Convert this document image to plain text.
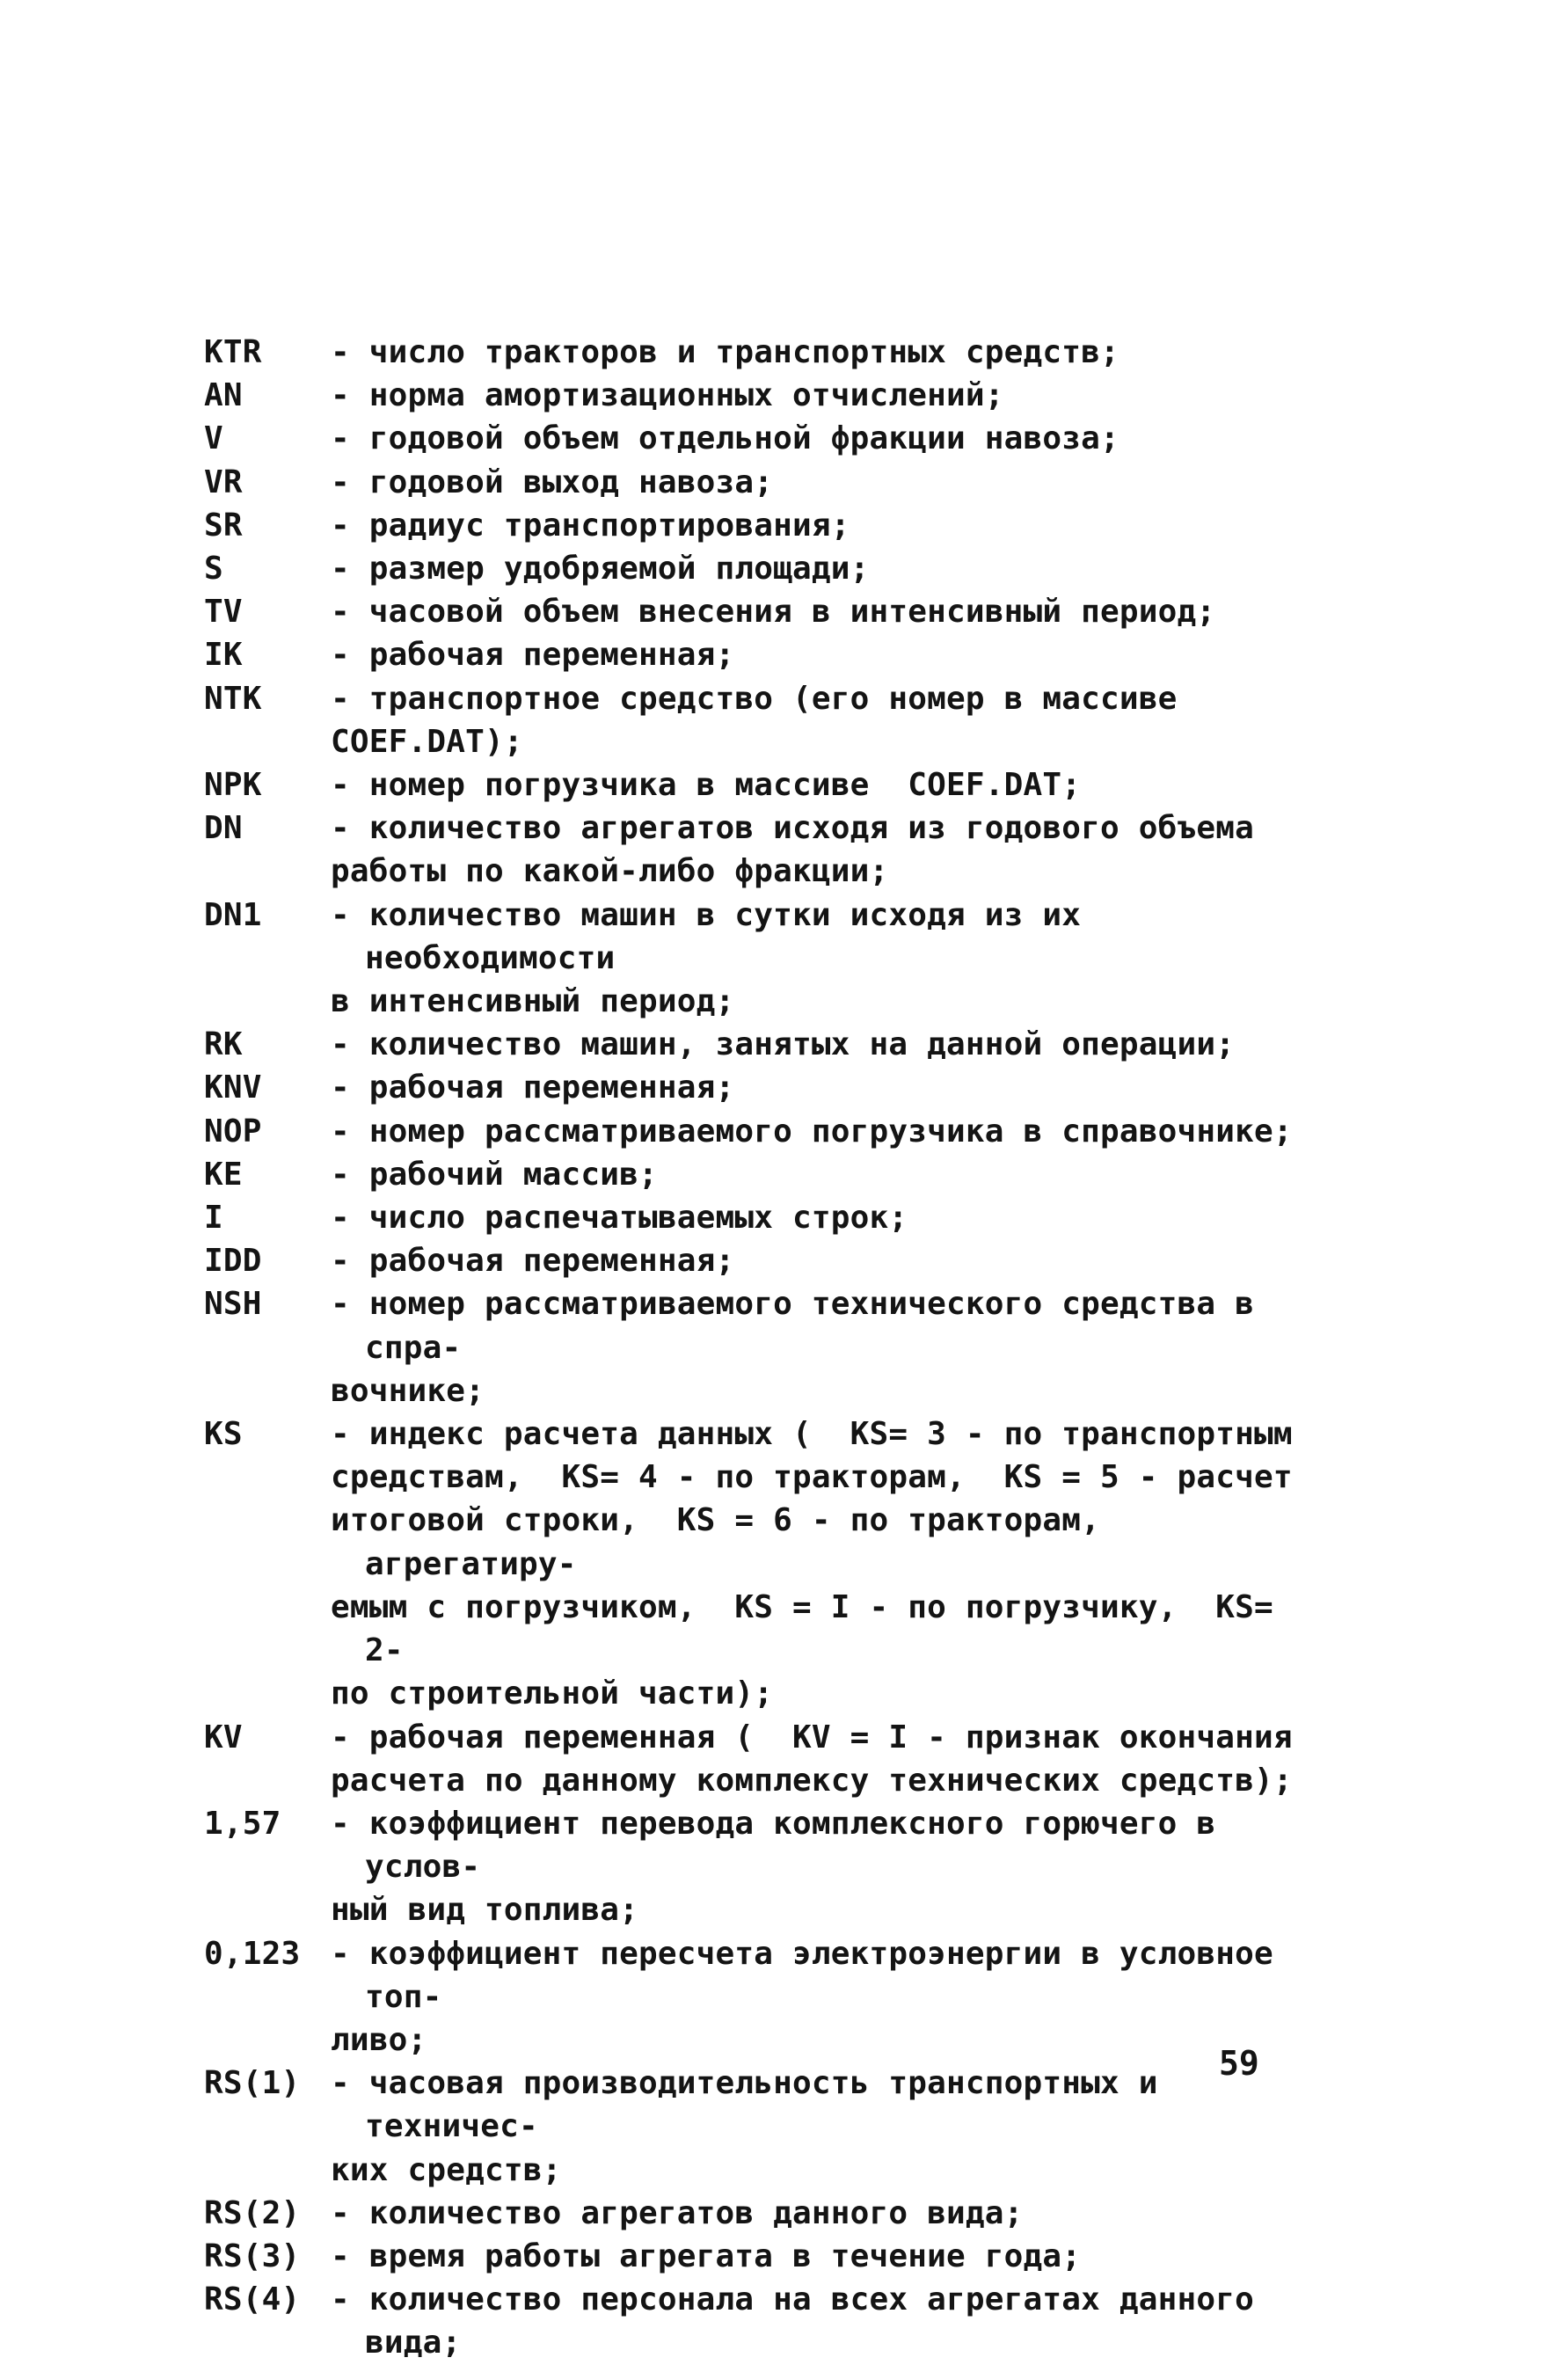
KTR - число тракторов и транспортных средств;
AN	- норма амортизационных отчислений;
V	- годовой объем отдельной фракции навоза;
VR	- годовой выход навоза;
SR	- радиус транспортирования;
S	- размер удобряемой площади;
TV	- часовой объем внесения в интенсивный период;
IK	- рабочая переменная;
NTK - транспортное средство (его номер в массиве
COEF.DAT);
NPK - номер погрузчика в массиве  COEF.DAT;
DN	- количество агрегатов исходя из годового объема
работы по какой-либо фракции;
DN1 - количество машин в сутки исходя из их необходимости
в интенсивный период;
RK	- количество машин, занятых на данной операции;
KNV - рабочая переменная;
NOP - номер рассматриваемого погрузчика в справочнике;
KE	- рабочий массив;
I	- число распечатываемых строк;
IDD - рабочая переменная;
NSH - номер рассматриваемого технического средства в спра-
вочнике;
KS	- индекс расчета данных (  KS= 3 - по транспортным
средствам,  KS= 4 - по тракторам,  KS = 5 - расчет
итоговой строки,  KS = 6 - по тракторам, агрегатиру-
емым с погрузчиком,  KS = I - по погрузчику,  KS= 2-
по строительной части);
KV	- рабочая переменная (  KV = I - признак окончания
расчета по данному комплексу технических средств);
1,57 - коэффициент перевода комплексного горючего в услов-
ный вид топлива;
0,123 - коэффициент пересчета электроэнергии в условное топ-
ливо;
RS(1) - часовая производительность транспортных и техничес-
ких средств;
RS(2) - количество агрегатов данного вида;
RS(3) - время работы агрегата в течение года;
RS(4) - количество персонала на всех агрегатах данного вида;
59
